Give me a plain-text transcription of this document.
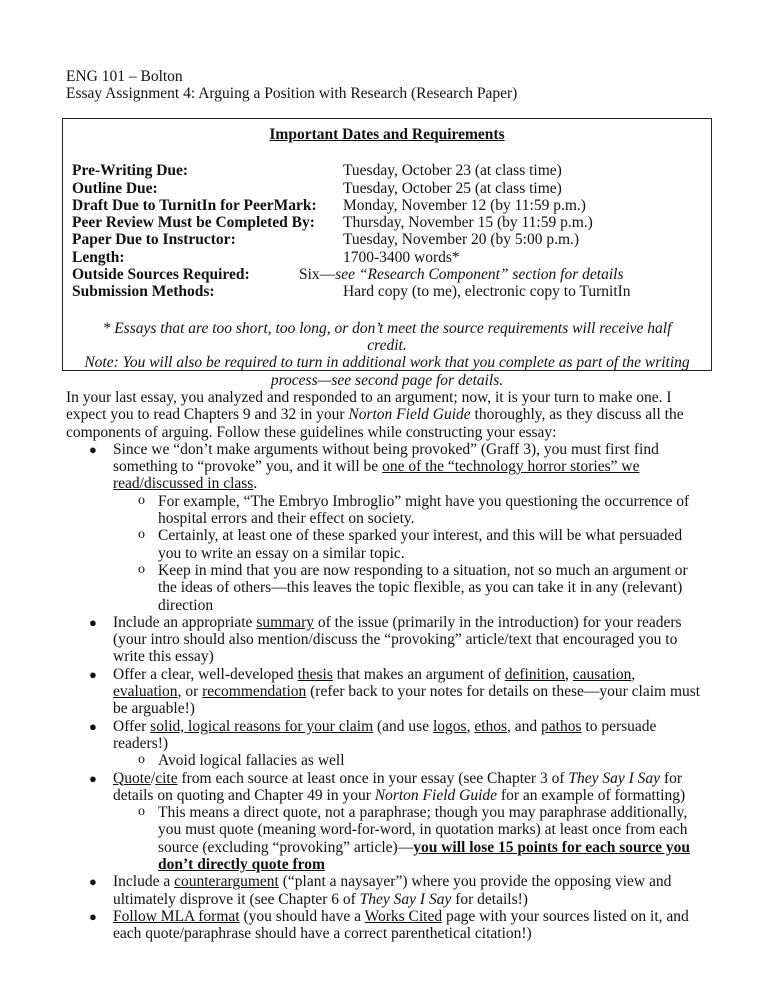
ENG 101 – Bolton
Essay Assignment 4: Arguing a Position with Research (Research Paper)
Important Dates and Requirements
Pre-Writing Due:	Tuesday, October 23 (at class time)
Outline Due:	Tuesday, October 25 (at class time)
Draft Due to TurnitIn for PeerMark: Monday, November 12 (by 11:59 p.m.)
Peer Review Must be Completed By: Thursday, November 15 (by 11:59 p.m.)
Paper Due to Instructor:	Tuesday, November 20 (by 5:00 p.m.)
Length:	1700-3400 words*
Outside Sources Required:	Six—see “Research Component” section for details
Submission Methods:	Hard copy (to me), electronic copy to TurnitIn
* Essays that are too short, too long, or don’t meet the source requirements will receive half credit.
Note: You will also be required to turn in additional work that you complete as part of the writing process—see second page for details.
In your last essay, you analyzed and responded to an argument; now, it is your turn to make one. I expect you to read Chapters 9 and 32 in your Norton Field Guide thoroughly, as they discuss all the components of arguing. Follow these guidelines while constructing your essay:
● Since we “don’t make arguments without being provoked” (Graff 3), you must first find something to “provoke” you, and it will be one of the “technology horror stories” we read/discussed in class.
o For example, “The Embryo Imbroglio” might have you questioning the occurrence of hospital errors and their effect on society.
o Certainly, at least one of these sparked your interest, and this will be what persuaded you to write an essay on a similar topic.
o Keep in mind that you are now responding to a situation, not so much an argument or the ideas of others—this leaves the topic flexible, as you can take it in any (relevant) direction
● Include an appropriate summary of the issue (primarily in the introduction) for your readers (your intro should also mention/discuss the “provoking” article/text that encouraged you to write this essay)
● Offer a clear, well-developed thesis that makes an argument of definition, causation, evaluation, or recommendation (refer back to your notes for details on these—your claim must be arguable!)
● Offer solid, logical reasons for your claim (and use logos, ethos, and pathos to persuade readers!)
o Avoid logical fallacies as well
● Quote/cite from each source at least once in your essay (see Chapter 3 of They Say I Say for details on quoting and Chapter 49 in your Norton Field Guide for an example of formatting)
o This means a direct quote, not a paraphrase; though you may paraphrase additionally, you must quote (meaning word-for-word, in quotation marks) at least once from each source (excluding “provoking” article)—you will lose 15 points for each source you don’t directly quote from
● Include a counterargument (“plant a naysayer”) where you provide the opposing view and ultimately disprove it (see Chapter 6 of They Say I Say for details!)
● Follow MLA format (you should have a Works Cited page with your sources listed on it, and each quote/paraphrase should have a correct parenthetical citation!)
